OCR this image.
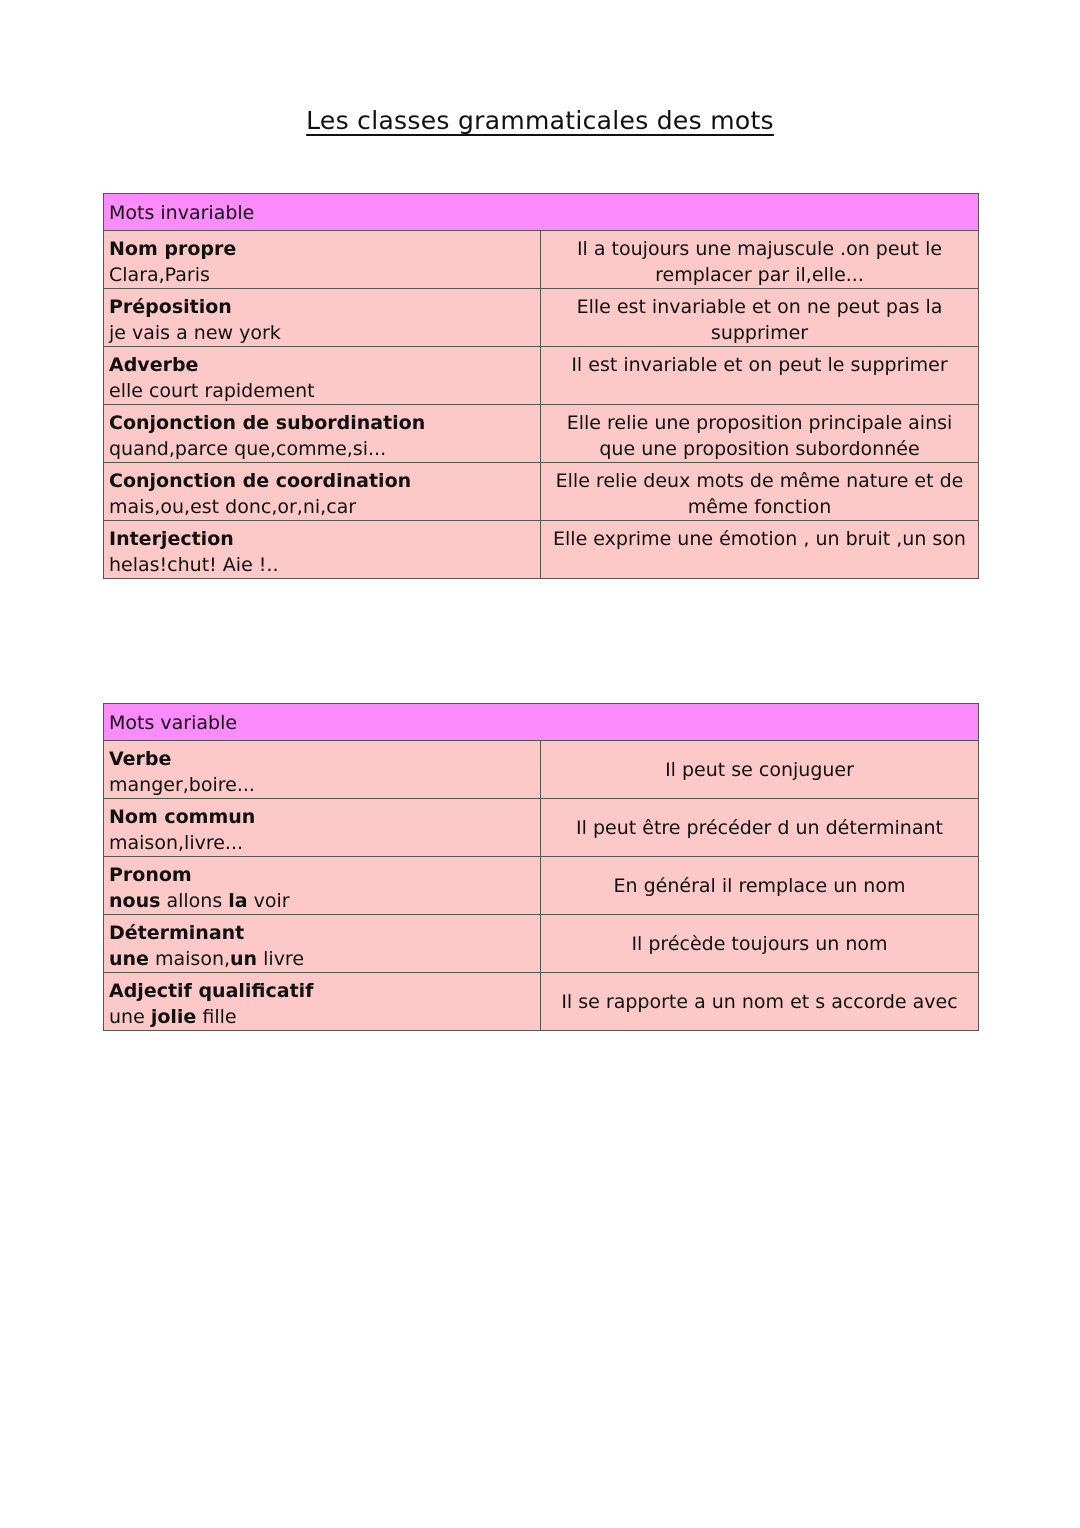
Les classes grammaticales des mots
Mots invariable	

Nom propre
Clara,Paris	Il a toujours une majuscule .on peut le remplacer par il,elle...

Préposition
je vais a new york	Elle est invariable et on ne peut pas la supprimer

Adverbe
elle court rapidement	Il est invariable et on peut le supprimer

Conjonction de subordination
quand,parce que,comme,si...	Elle relie une proposition principale ainsi que une proposition subordonnée

Conjonction de coordination
mais,ou,est donc,or,ni,car	Elle relie deux mots de même nature et de même fonction

Interjection
helas!chut! Aie !..	Elle exprime une émotion , un bruit ,un son
Mots variable	

Verbe
manger,boire...	Il peut se conjuguer

Nom commun
maison,livre...	Il peut être précéder d un déterminant

Pronom
nous allons la voir	En général il remplace un nom

Déterminant
une maison,un livre	Il précède toujours un nom

Adjectif qualificatif
une jolie fille	Il se rapporte a un nom et s accorde avec
